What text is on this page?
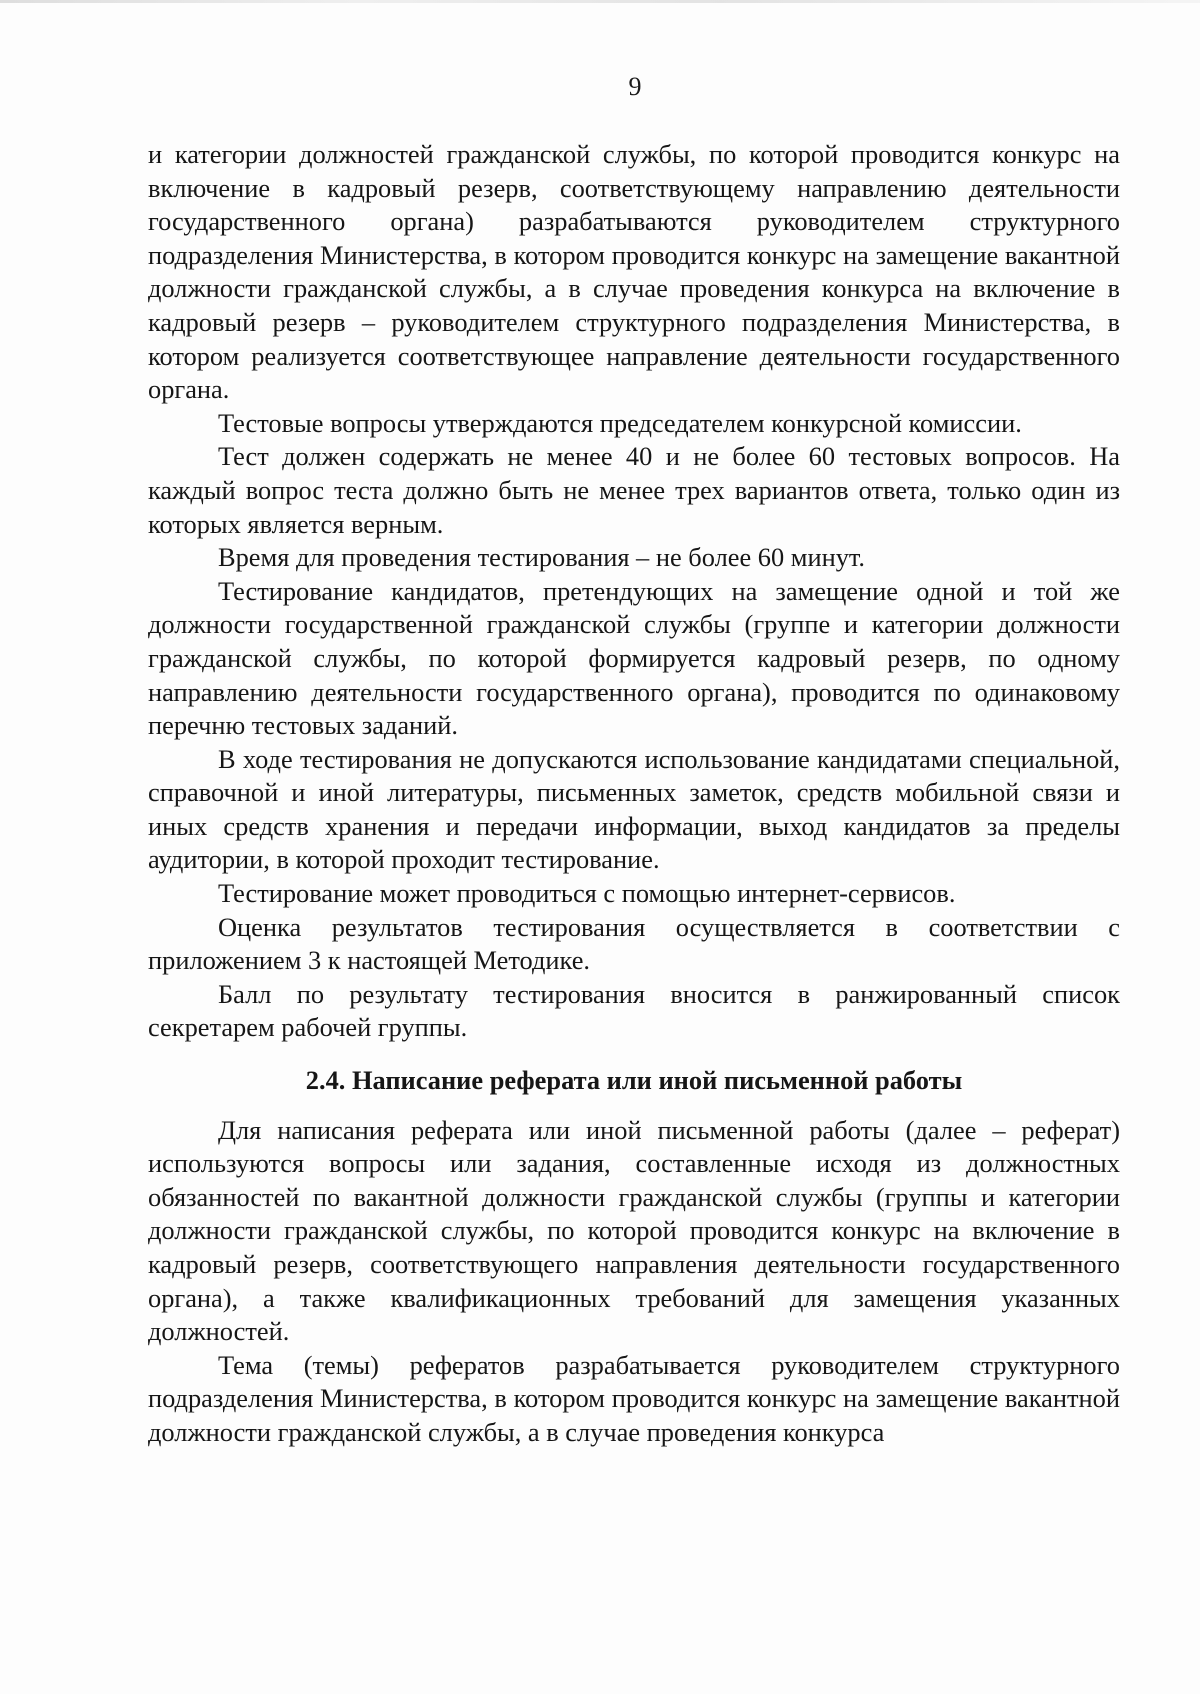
9

и категории должностей гражданской службы, по которой проводится конкурс на включение в кадровый резерв, соответствующему направлению деятельности государственного органа) разрабатываются руководителем структурного подразделения Министерства, в котором проводится конкурс на замещение вакантной должности гражданской службы, а в случае проведения конкурса на включение в кадровый резерв – руководителем структурного подразделения Министерства, в котором реализуется соответствующее направление деятельности государственного органа.

Тестовые вопросы утверждаются председателем конкурсной комиссии.

Тест должен содержать не менее 40 и не более 60 тестовых вопросов. На каждый вопрос теста должно быть не менее трех вариантов ответа, только один из которых является верным.

Время для проведения тестирования – не более 60 минут.

Тестирование кандидатов, претендующих на замещение одной и той же должности государственной гражданской службы (группе и категории должности гражданской службы, по которой формируется кадровый резерв, по одному направлению деятельности государственного органа), проводится по одинаковому перечню тестовых заданий.

В ходе тестирования не допускаются использование кандидатами специальной, справочной и иной литературы, письменных заметок, средств мобильной связи и иных средств хранения и передачи информации, выход кандидатов за пределы аудитории, в которой проходит тестирование.

Тестирование может проводиться с помощью интернет-сервисов.

Оценка результатов тестирования осуществляется в соответствии с приложением 3 к настоящей Методике.

Балл по результату тестирования вносится в ранжированный список секретарем рабочей группы.

2.4. Написание реферата или иной письменной работы

Для написания реферата или иной письменной работы (далее – реферат) используются вопросы или задания, составленные исходя из должностных обязанностей по вакантной должности гражданской службы (группы и категории должности гражданской службы, по которой проводится конкурс на включение в кадровый резерв, соответствующего направления деятельности государственного органа), а также квалификационных требований для замещения указанных должностей.

Тема (темы) рефератов разрабатывается руководителем структурного подразделения Министерства, в котором проводится конкурс на замещение вакантной должности гражданской службы, а в случае проведения конкурса
